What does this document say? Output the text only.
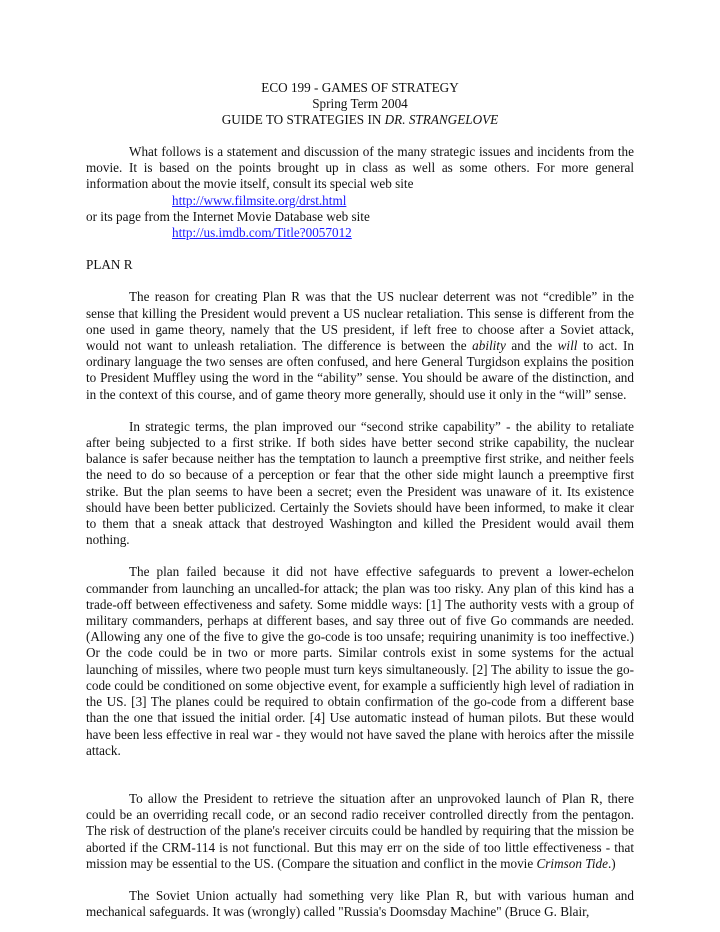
ECO 199 - GAMES OF STRATEGY
Spring Term 2004
GUIDE TO STRATEGIES IN DR. STRANGELOVE

What follows is a statement and discussion of the many strategic issues and incidents from the movie. It is based on the points brought up in class as well as some others. For more general information about the movie itself, consult its special web site

http://www.filmsite.org/drst.html
or its page from the Internet Movie Database web site
http://us.imdb.com/Title?0057012
PLAN R

The reason for creating Plan R was that the US nuclear deterrent was not “credible” in the sense that killing the President would prevent a US nuclear retaliation. This sense is different from the one used in game theory, namely that the US president, if left free to choose after a Soviet attack, would not want to unleash retaliation. The difference is between the ability and the will to act. In ordinary language the two senses are often confused, and here General Turgidson explains the position to President Muffley using the word in the “ability” sense. You should be aware of the distinction, and in the context of this course, and of game theory more generally, should use it only in the “will” sense.

In strategic terms, the plan improved our “second strike capability” - the ability to retaliate after being subjected to a first strike. If both sides have better second strike capability, the nuclear balance is safer because neither has the temptation to launch a preemptive first strike, and neither feels the need to do so because of a perception or fear that the other side might launch a preemptive first strike. But the plan seems to have been a secret; even the President was unaware of it. Its existence should have been better publicized. Certainly the Soviets should have been informed, to make it clear to them that a sneak attack that destroyed Washington and killed the President would avail them nothing.

The plan failed because it did not have effective safeguards to prevent a lower-echelon commander from launching an uncalled-for attack; the plan was too risky. Any plan of this kind has a trade-off between effectiveness and safety. Some middle ways: [1] The authority vests with a group of military commanders, perhaps at different bases, and say three out of five Go commands are needed. (Allowing any one of the five to give the go-code is too unsafe; requiring unanimity is too ineffective.) Or the code could be in two or more parts. Similar controls exist in some systems for the actual launching of missiles, where two people must turn keys simultaneously. [2] The ability to issue the go-code could be conditioned on some objective event, for example a sufficiently high level of radiation in the US. [3] The planes could be required to obtain confirmation of the go-code from a different base than the one that issued the initial order. [4] Use automatic instead of human pilots. But these would have been less effective in real war - they would not have saved the plane with heroics after the missile attack.

To allow the President to retrieve the situation after an unprovoked launch of Plan R, there could be an overriding recall code, or an second radio receiver controlled directly from the pentagon. The risk of destruction of the plane's receiver circuits could be handled by requiring that the mission be aborted if the CRM-114 is not functional. But this may err on the side of too little effectiveness - that mission may be essential to the US. (Compare the situation and conflict in the movie Crimson Tide.)

The Soviet Union actually had something very like Plan R, but with various human and mechanical safeguards. It was (wrongly) called "Russia's Doomsday Machine" (Bruce G. Blair,
